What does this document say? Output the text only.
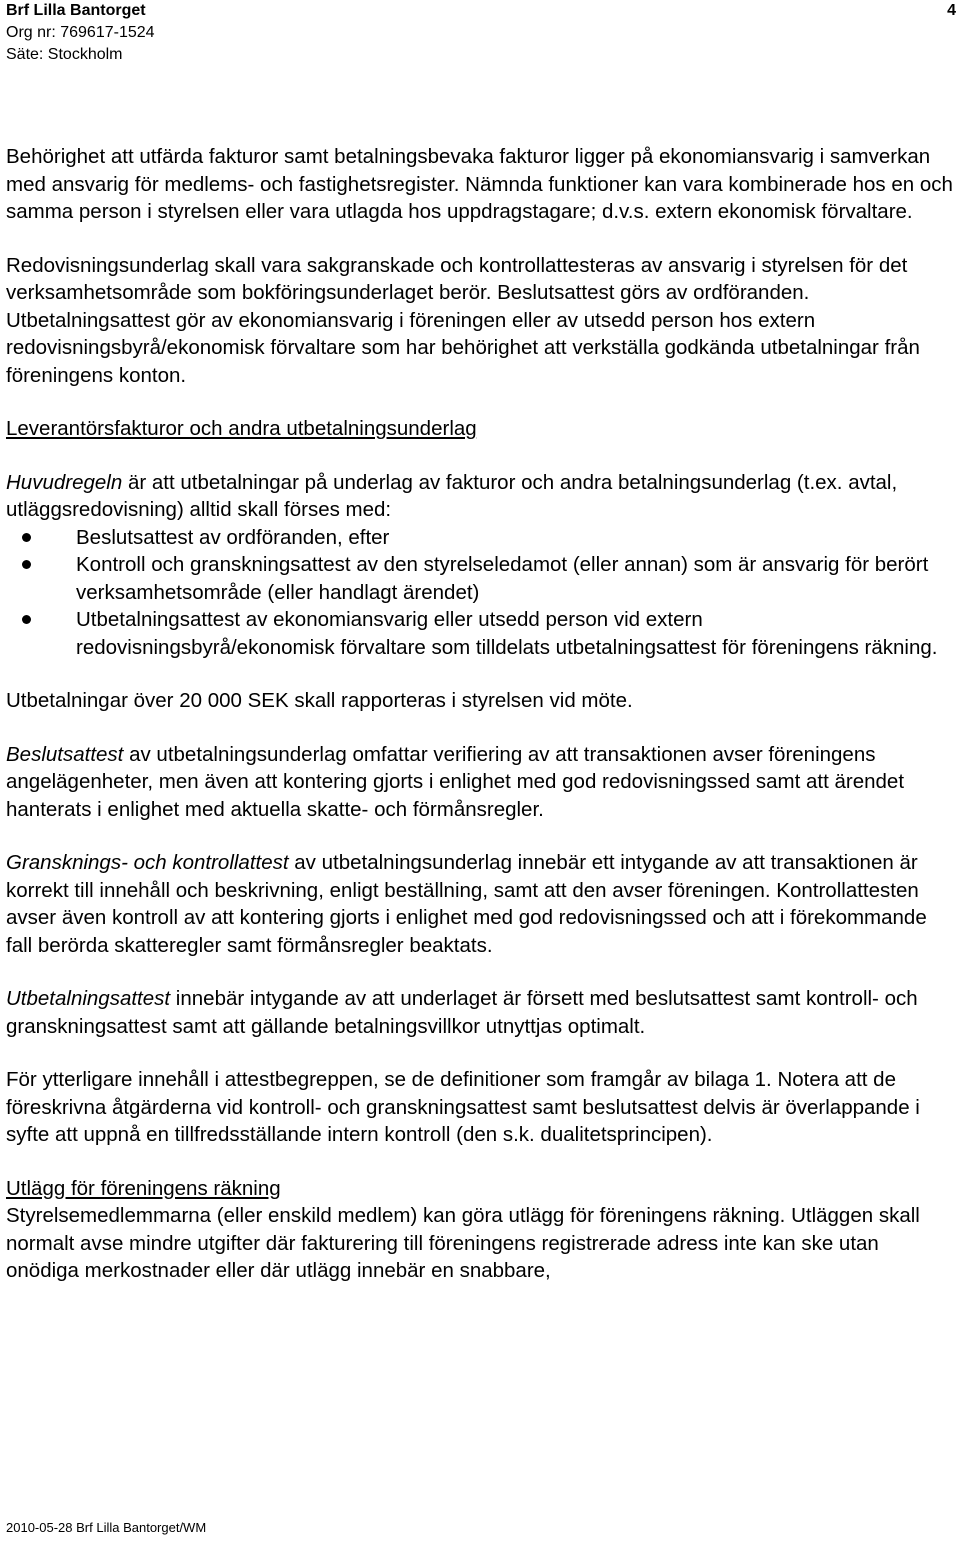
Brf Lilla Bantorget
Org nr: 769617-1524
Säte: Stockholm
4

Behörighet att utfärda fakturor samt betalningsbevaka fakturor ligger på ekonomiansvarig i samverkan med ansvarig för medlems- och fastighetsregister. Nämnda funktioner kan vara kombinerade hos en och samma person i styrelsen eller vara utlagda hos uppdragstagare; d.v.s. extern ekonomisk förvaltare.

Redovisningsunderlag skall vara sakgranskade och kontrollattesteras av ansvarig i styrelsen för det verksamhetsområde som bokföringsunderlaget berör. Beslutsattest görs av ordföranden. Utbetalningsattest gör av ekonomiansvarig i föreningen eller av utsedd person hos extern redovisningsbyrå/ekonomisk förvaltare som har behörighet att verkställa godkända utbetalningar från föreningens konton.

Leverantörsfakturor och andra utbetalningsunderlag

Huvudregeln är att utbetalningar på underlag av fakturor och andra betalningsunderlag (t.ex. avtal, utläggsredovisning) alltid skall förses med:

Beslutsattest av ordföranden, efter
Kontroll och granskningsattest av den styrelseledamot (eller annan) som är ansvarig för berört verksamhetsområde (eller handlagt ärendet)
Utbetalningsattest av ekonomiansvarig eller utsedd person vid extern redovisningsbyrå/ekonomisk förvaltare som tilldelats utbetalningsattest för föreningens räkning.

Utbetalningar över 20 000 SEK skall rapporteras i styrelsen vid möte.

Beslutsattest av utbetalningsunderlag omfattar verifiering av att transaktionen avser föreningens angelägenheter, men även att kontering gjorts i enlighet med god redovisningssed samt att ärendet hanterats i enlighet med aktuella skatte- och förmånsregler.

Gransknings- och kontrollattest av utbetalningsunderlag innebär ett intygande av att transaktionen är korrekt till innehåll och beskrivning, enligt beställning, samt att den avser föreningen. Kontrollattesten avser även kontroll av att kontering gjorts i enlighet med god redovisningssed och att i förekommande fall berörda skatteregler samt förmånsregler beaktats.

Utbetalningsattest innebär intygande av att underlaget är försett med beslutsattest samt kontroll- och granskningsattest samt att gällande betalningsvillkor utnyttjas optimalt.

För ytterligare innehåll i attestbegreppen, se de definitioner som framgår av bilaga 1. Notera att de föreskrivna åtgärderna vid kontroll- och granskningsattest samt beslutsattest delvis är överlappande i syfte att uppnå en tillfredsställande intern kontroll (den s.k. dualitetsprincipen).

Utlägg för föreningens räkning

Styrelsemedlemmarna (eller enskild medlem) kan göra utlägg för föreningens räkning. Utläggen skall normalt avse mindre utgifter där fakturering till föreningens registrerade adress inte kan ske utan onödiga merkostnader eller där utlägg innebär en snabbare,

2010-05-28 Brf Lilla Bantorget/WM
